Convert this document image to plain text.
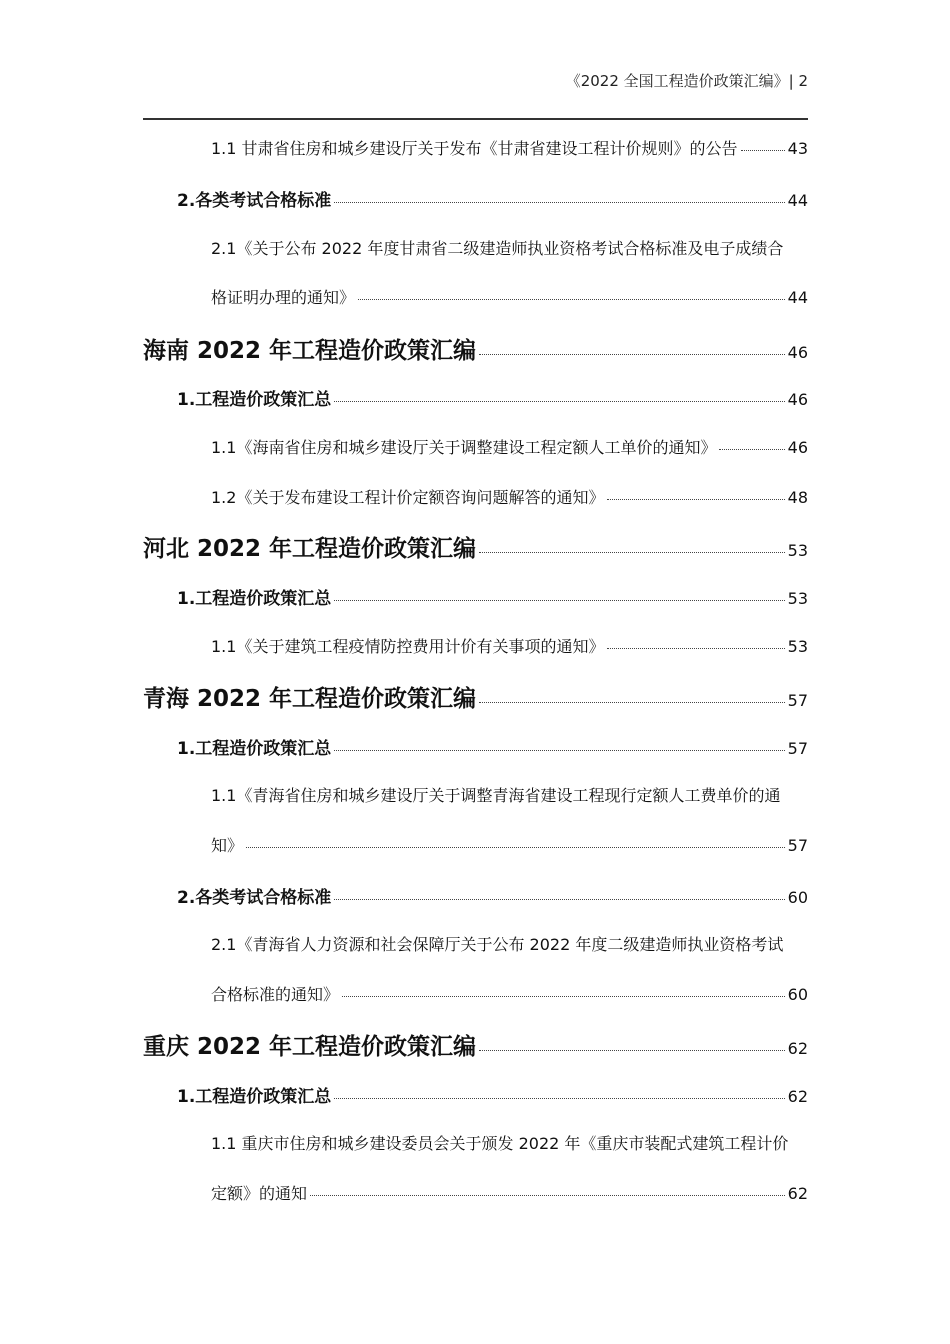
《2022 全国工程造价政策汇编》| 2
1.1 甘肃省住房和城乡建设厅关于发布《甘肃省建设工程计价规则》的公告	43
2.各类考试合格标准	44
2.1《关于公布 2022 年度甘肃省二级建造师执业资格考试合格标准及电子成绩合
格证明办理的通知》	44
海南 2022 年工程造价政策汇编	46
1.工程造价政策汇总	46
1.1《海南省住房和城乡建设厅关于调整建设工程定额人工单价的通知》	46
1.2《关于发布建设工程计价定额咨询问题解答的通知》	48
河北 2022 年工程造价政策汇编	53
1.工程造价政策汇总	53
1.1《关于建筑工程疫情防控费用计价有关事项的通知》	53
青海 2022 年工程造价政策汇编	57
1.工程造价政策汇总	57
1.1《青海省住房和城乡建设厅关于调整青海省建设工程现行定额人工费单价的通
知》	57
2.各类考试合格标准	60
2.1《青海省人力资源和社会保障厅关于公布 2022 年度二级建造师执业资格考试
合格标准的通知》	60
重庆 2022 年工程造价政策汇编	62
1.工程造价政策汇总	62
1.1 重庆市住房和城乡建设委员会关于颁发 2022 年《重庆市装配式建筑工程计价
定额》的通知	62
